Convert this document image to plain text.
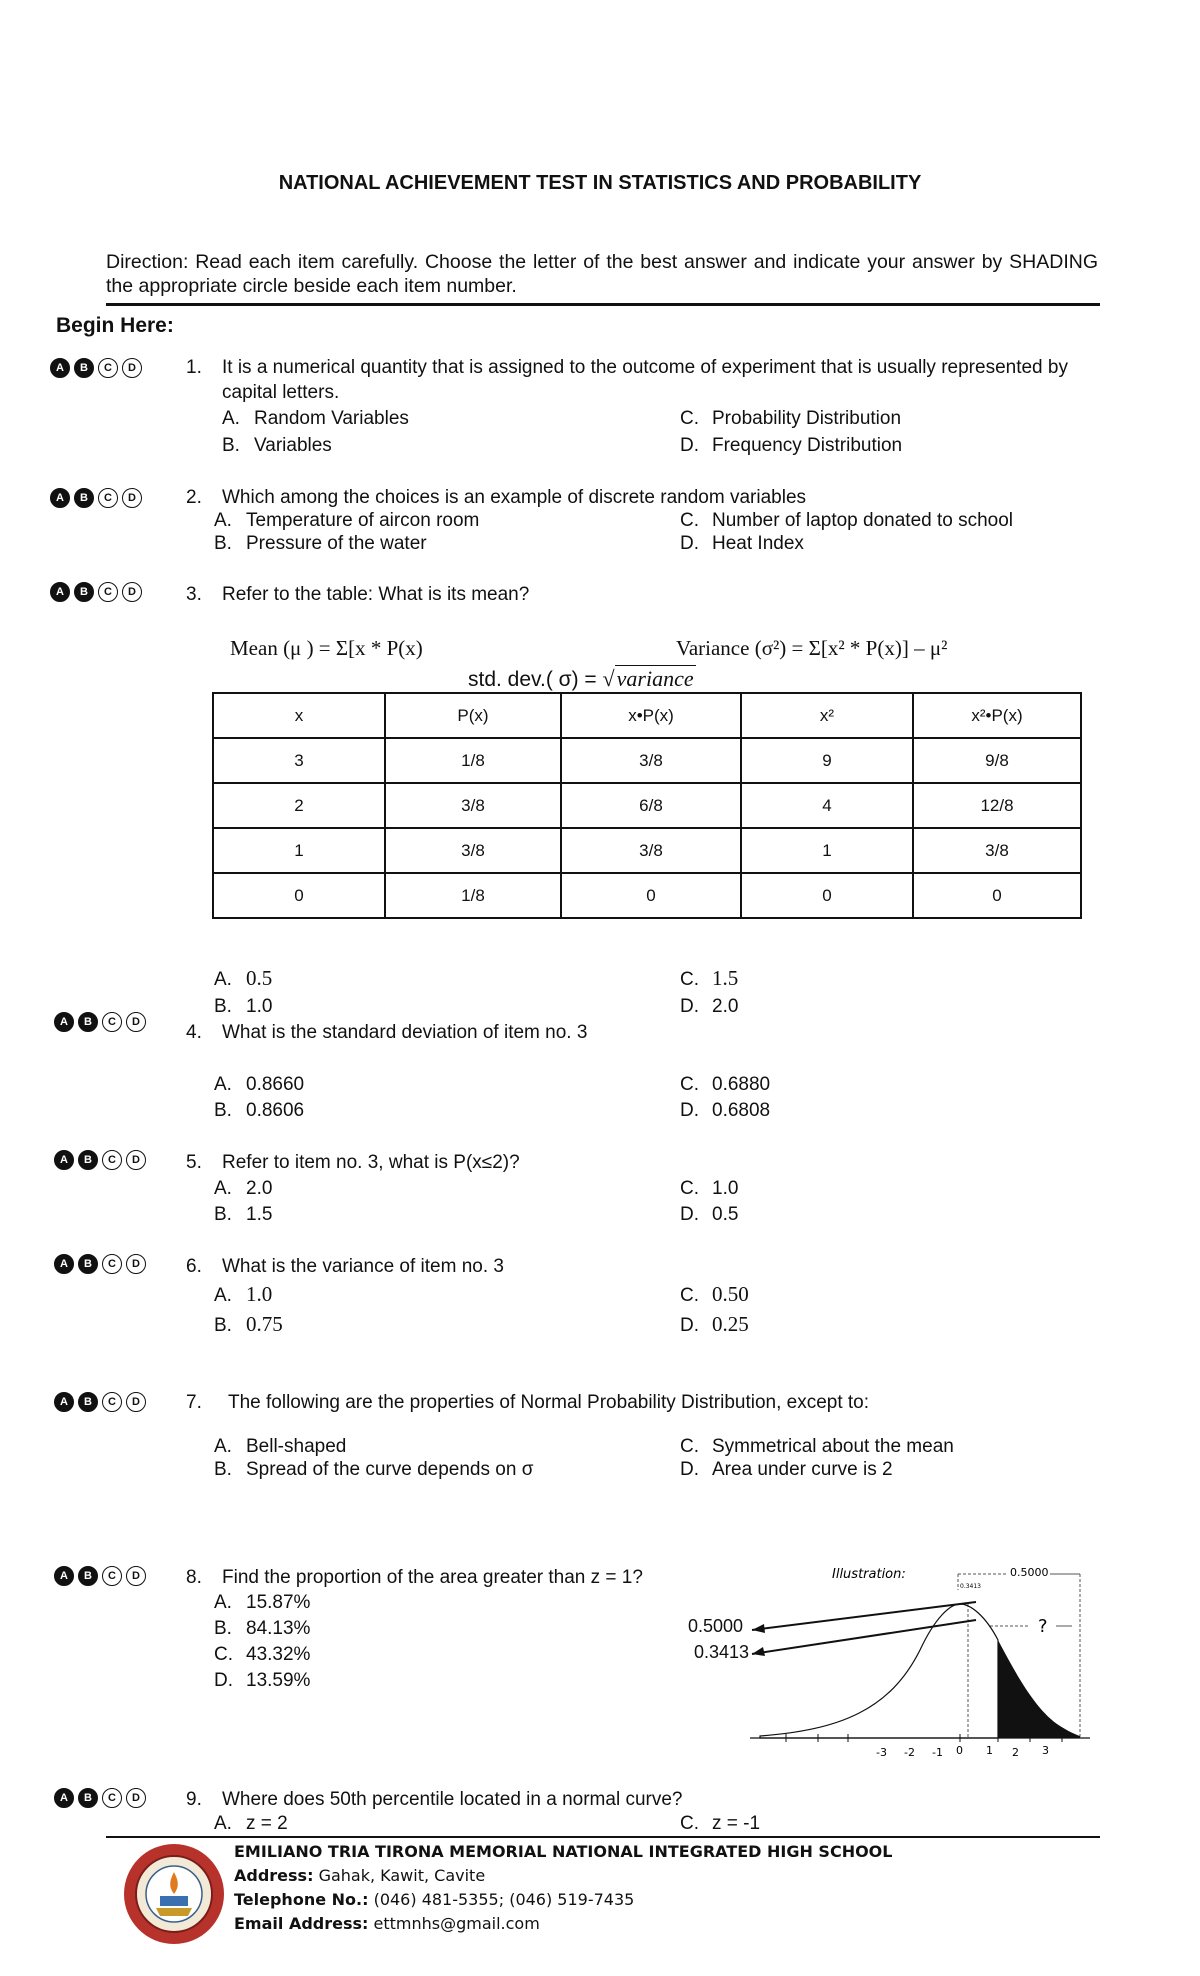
NATIONAL ACHIEVEMENT TEST IN STATISTICS AND PROBABILITY
Direction: Read each item carefully. Choose the letter of the best answer and indicate your answer by SHADING the appropriate circle beside each item number.
Begin Here:
A	B	C	D	1.	It is a numerical quantity that is assigned to the outcome of experiment that is usually represented by capital letters.
A. Random Variables
B. Variables
C. Probability Distribution
D. Frequency Distribution
A	B	C	D	2.	Which among the choices is an example of discrete random variables
A. Temperature of aircon room
B. Pressure of the water
C. Number of laptop donated to school
D. Heat Index
A	B	C	D	3.	Refer to the table: What is its mean?
Mean (μ ) = Σ[x * P(x)	Variance (σ²) = Σ[x² * P(x)] – μ²
std. dev.( σ) = √variance
x	P(x)	x•P(x)	x²	x²•P(x)
3	1/8	3/8	9	9/8
2	3/8	6/8	4	12/8
1	3/8	3/8	1	3/8
0	1/8	0	0	0
A. 0.5
B. 1.0
C. 1.5
D. 2.0
A	B	C	D	4.	What is the standard deviation of item no. 3
A. 0.8660
B. 0.8606
C. 0.6880
D. 0.6808
A	B	C	D	5.	Refer to item no. 3, what is P(x≤2)?
A. 2.0
B. 1.5
C. 1.0
D. 0.5
A	B	C	D	6.	What is the variance of item no. 3
A. 1.0
B. 0.75
C. 0.50
D. 0.25
A	B	C	D	7.	The following are the properties of Normal Probability Distribution, except to:
A. Bell-shaped
B. Spread of the curve depends on σ
C. Symmetrical about the mean
D. Area under curve is 2
A	B	C	D	8.	Find the proportion of the area greater than z = 1?
A. 15.87%
B. 84.13%
C. 43.32%
D. 13.59%
0.5000
0.3413
Illustration:	0.5000
0.3413
?
-3 -2 -1 0 1 2 3
A	B	C	D	9.	Where does 50th percentile located in a normal curve?
A. z = 2	C. z = -1
EMILIANO TRIA TIRONA MEMORIAL NATIONAL INTEGRATED HIGH SCHOOL
Address: Gahak, Kawit, Cavite
Telephone No.: (046) 481-5355; (046) 519-7435
Email Address: ettmnhs@gmail.com
